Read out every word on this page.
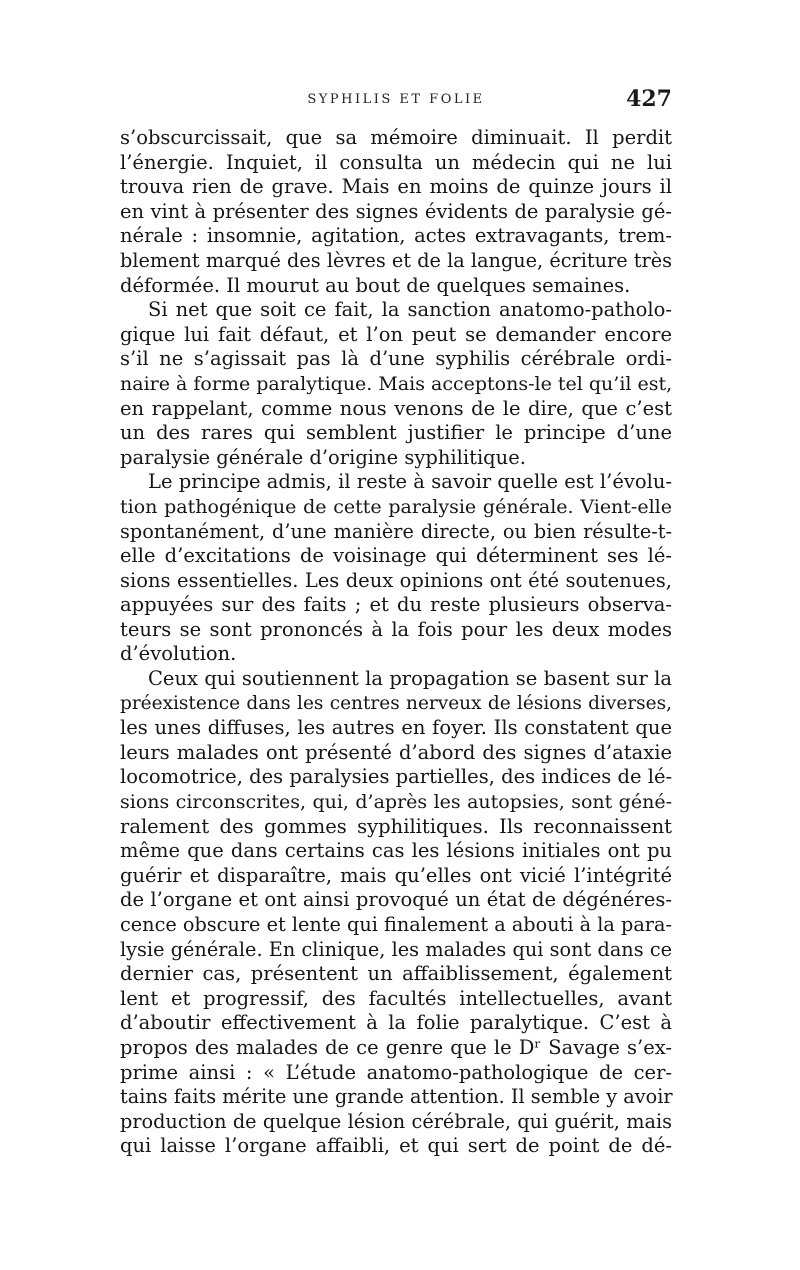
SYPHILIS ET FOLIE	427
s’obscurcissait, que sa mémoire diminuait. Il perdit
l’énergie. Inquiet, il consulta un médecin qui ne lui
trouva rien de grave. Mais en moins de quinze jours il
en vint à présenter des signes évidents de paralysie gé-
nérale : insomnie, agitation, actes extravagants, trem-
blement marqué des lèvres et de la langue, écriture très
déformée. Il mourut au bout de quelques semaines.
Si net que soit ce fait, la sanction anatomo-patholo-
gique lui fait défaut, et l’on peut se demander encore
s’il ne s’agissait pas là d’une syphilis cérébrale ordi-
naire à forme paralytique. Mais acceptons-le tel qu’il est,
en rappelant, comme nous venons de le dire, que c’est
un des rares qui semblent justifier le principe d’une
paralysie générale d’origine syphilitique.
Le principe admis, il reste à savoir quelle est l’évolu-
tion pathogénique de cette paralysie générale. Vient-elle
spontanément, d’une manière directe, ou bien résulte-t-
elle d’excitations de voisinage qui déterminent ses lé-
sions essentielles. Les deux opinions ont été soutenues,
appuyées sur des faits ; et du reste plusieurs observa-
teurs se sont prononcés à la fois pour les deux modes
d’évolution.
Ceux qui soutiennent la propagation se basent sur la
préexistence dans les centres nerveux de lésions diverses,
les unes diffuses, les autres en foyer. Ils constatent que
leurs malades ont présenté d’abord des signes d’ataxie
locomotrice, des paralysies partielles, des indices de lé-
sions circonscrites, qui, d’après les autopsies, sont géné-
ralement des gommes syphilitiques. Ils reconnaissent
même que dans certains cas les lésions initiales ont pu
guérir et disparaître, mais qu’elles ont vicié l’intégrité
de l’organe et ont ainsi provoqué un état de dégénéres-
cence obscure et lente qui finalement a abouti à la para-
lysie générale. En clinique, les malades qui sont dans ce
dernier cas, présentent un affaiblissement, également
lent et progressif, des facultés intellectuelles, avant
d’aboutir effectivement à la folie paralytique. C’est à
propos des malades de ce genre que le Dʳ Savage s’ex-
prime ainsi : « L’étude anatomo-pathologique de cer-
tains faits mérite une grande attention. Il semble y avoir
production de quelque lésion cérébrale, qui guérit, mais
qui laisse l’organe affaibli, et qui sert de point de dé-
